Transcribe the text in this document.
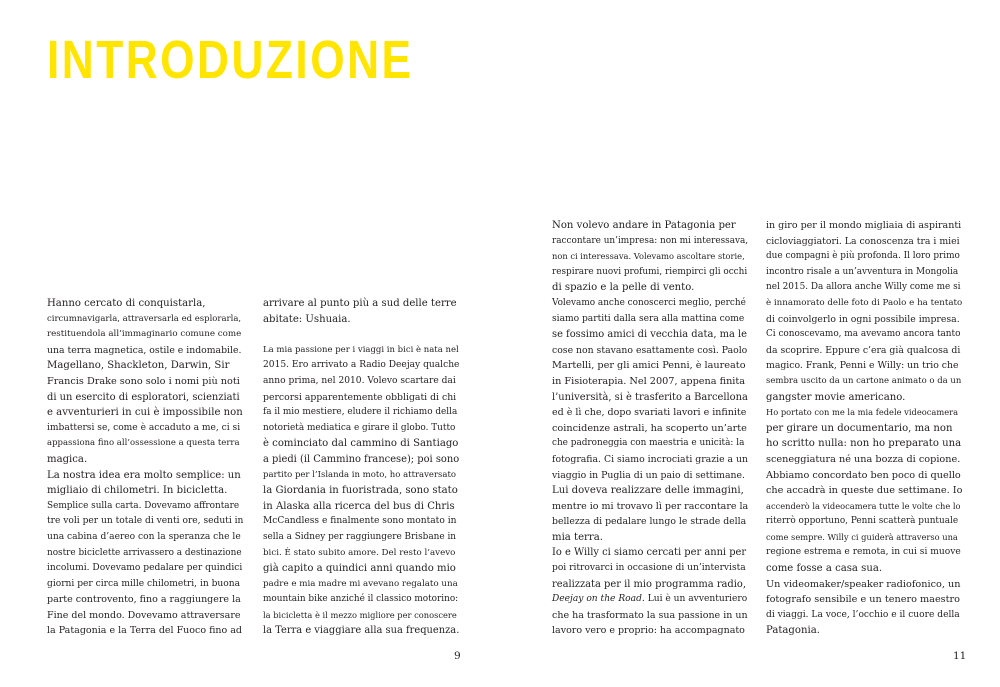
INTRODUZIONE
Hanno cercato di conquistarla,
circumnavigarla, attraversarla ed esplorarla,
restituendola all’immaginario comune come
una terra magnetica, ostile e indomabile.
Magellano, Shackleton, Darwin, Sir
Francis Drake sono solo i nomi più noti
di un esercito di esploratori, scienziati
e avventurieri in cui è impossibile non
imbattersi se, come è accaduto a me, ci si
appassiona fino all’ossessione a questa terra
magica.
La nostra idea era molto semplice: un
migliaio di chilometri. In bicicletta.
Semplice sulla carta. Dovevamo affrontare
tre voli per un totale di venti ore, seduti in
una cabina d’aereo con la speranza che le
nostre biciclette arrivassero a destinazione
incolumi. Dovevamo pedalare per quindici
giorni per circa mille chilometri, in buona
parte controvento, fino a raggiungere la
Fine del mondo. Dovevamo attraversare
la Patagonia e la Terra del Fuoco fino ad
arrivare al punto più a sud delle terre
abitate: Ushuaia.
La mia passione per i viaggi in bici è nata nel
2015. Ero arrivato a Radio Deejay qualche
anno prima, nel 2010. Volevo scartare dai
percorsi apparentemente obbligati di chi
fa il mio mestiere, eludere il richiamo della
notorietà mediatica e girare il globo. Tutto
è cominciato dal cammino di Santiago
a piedi (il Cammino francese); poi sono
partito per l’Islanda in moto, ho attraversato
la Giordania in fuoristrada, sono stato
in Alaska alla ricerca del bus di Chris
McCandless e finalmente sono montato in
sella a Sidney per raggiungere Brisbane in
bici. È stato subito amore. Del resto l’avevo
già capito a quindici anni quando mio
padre e mia madre mi avevano regalato una
mountain bike anziché il classico motorino:
la bicicletta è il mezzo migliore per conoscere
la Terra e viaggiare alla sua frequenza.
Non volevo andare in Patagonia per
raccontare un’impresa: non mi interessava,
non ci interessava. Volevamo ascoltare storie,
respirare nuovi profumi, riempirci gli occhi
di spazio e la pelle di vento.
Volevamo anche conoscerci meglio, perché
siamo partiti dalla sera alla mattina come
se fossimo amici di vecchia data, ma le
cose non stavano esattamente così. Paolo
Martelli, per gli amici Penni, è laureato
in Fisioterapia. Nel 2007, appena finita
l’università, si è trasferito a Barcellona
ed è lì che, dopo svariati lavori e infinite
coincidenze astrali, ha scoperto un’arte
che padroneggia con maestria e unicità: la
fotografia. Ci siamo incrociati grazie a un
viaggio in Puglia di un paio di settimane.
Lui doveva realizzare delle immagini,
mentre io mi trovavo lì per raccontare la
bellezza di pedalare lungo le strade della
mia terra.
Io e Willy ci siamo cercati per anni per
poi ritrovarci in occasione di un’intervista
realizzata per il mio programma radio,
Deejay on the Road. Lui è un avventuriero
che ha trasformato la sua passione in un
lavoro vero e proprio: ha accompagnato
in giro per il mondo migliaia di aspiranti
cicloviaggiatori. La conoscenza tra i miei
due compagni è più profonda. Il loro primo
incontro risale a un’avventura in Mongolia
nel 2015. Da allora anche Willy come me si
è innamorato delle foto di Paolo e ha tentato
di coinvolgerlo in ogni possibile impresa.
Ci conoscevamo, ma avevamo ancora tanto
da scoprire. Eppure c’era già qualcosa di
magico. Frank, Penni e Willy: un trio che
sembra uscito da un cartone animato o da un
gangster movie americano.
Ho portato con me la mia fedele videocamera
per girare un documentario, ma non
ho scritto nulla: non ho preparato una
sceneggiatura né una bozza di copione.
Abbiamo concordato ben poco di quello
che accadrà in queste due settimane. Io
accenderò la videocamera tutte le volte che lo
riterrò opportuno, Penni scatterà puntuale
come sempre. Willy ci guiderà attraverso una
regione estrema e remota, in cui si muove
come fosse a casa sua.
Un videomaker/speaker radiofonico, un
fotografo sensibile e un tenero maestro
di viaggi. La voce, l’occhio e il cuore della
Patagonia.
9	11
